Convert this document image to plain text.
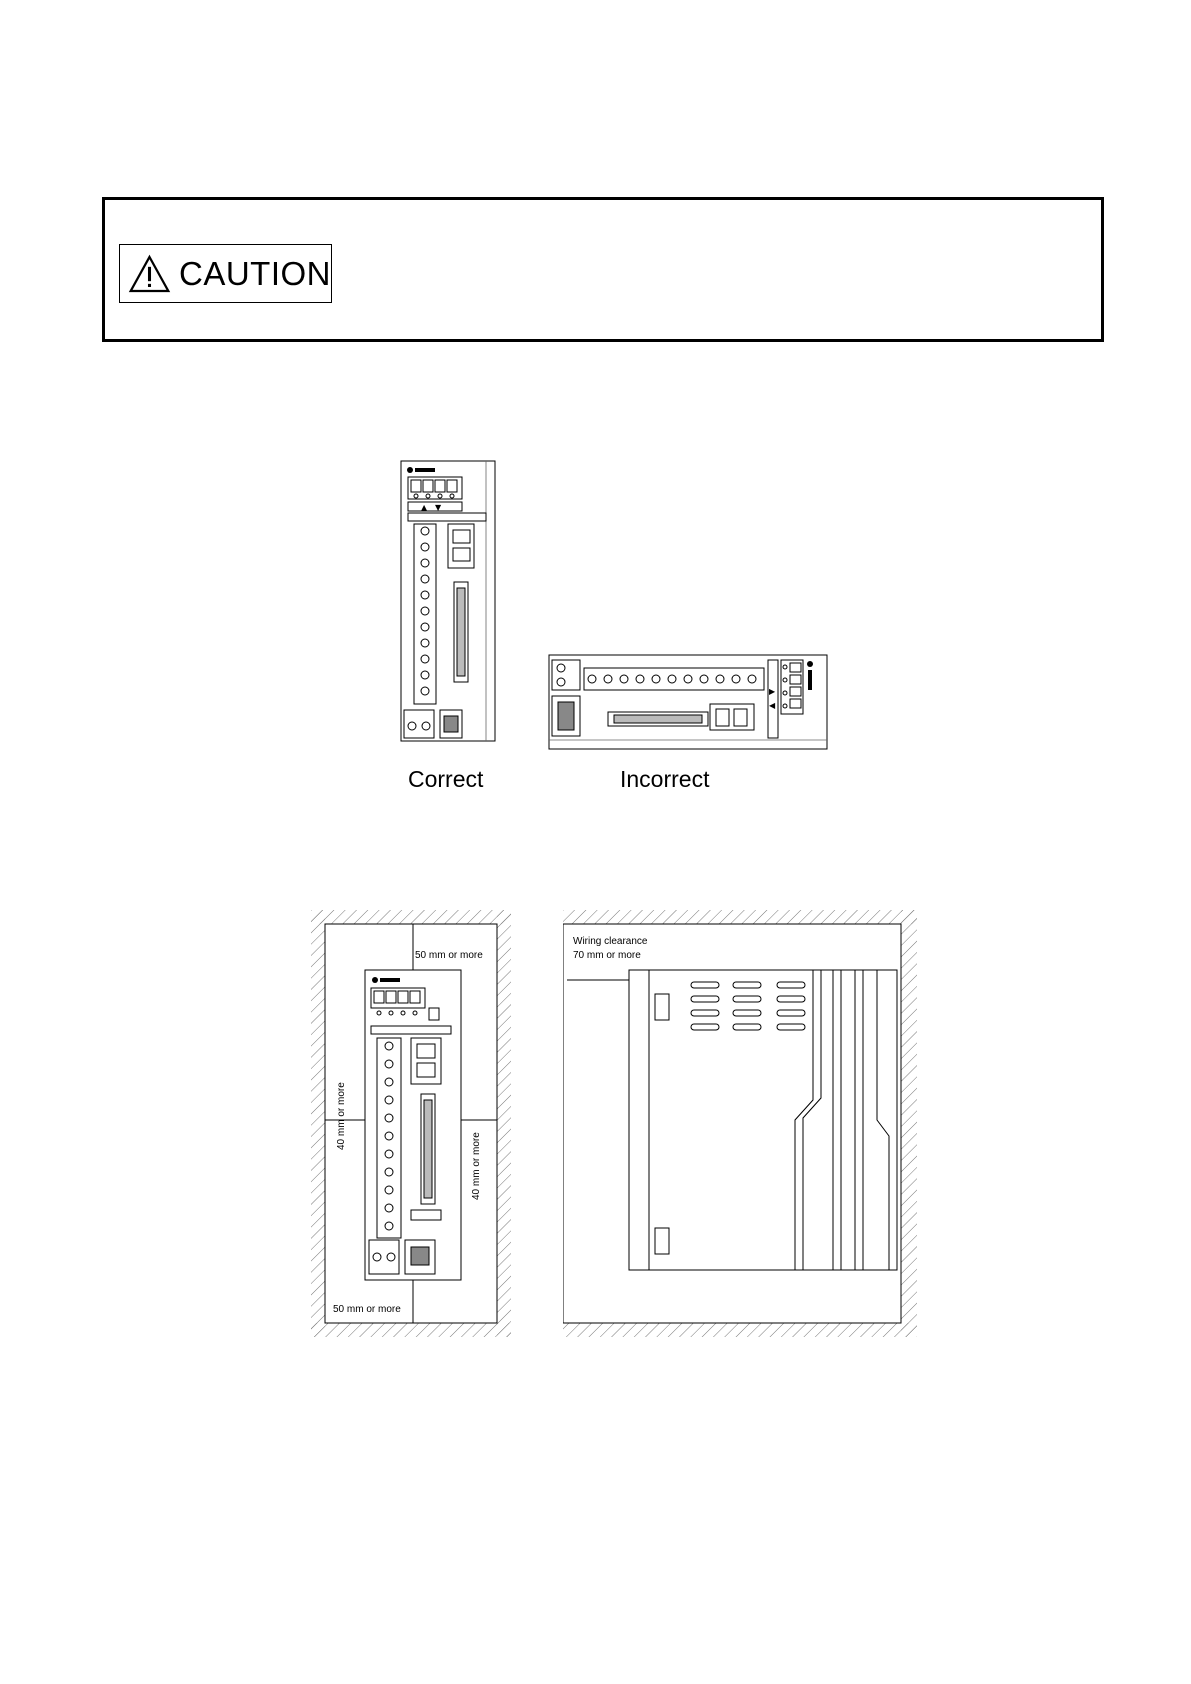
CAUTION
▲ ▼
▶
◀
Correct	Incorrect
50 mm or more
50 mm or more
40 mm or more
40 mm or more
Wiring clearance
70 mm or more
